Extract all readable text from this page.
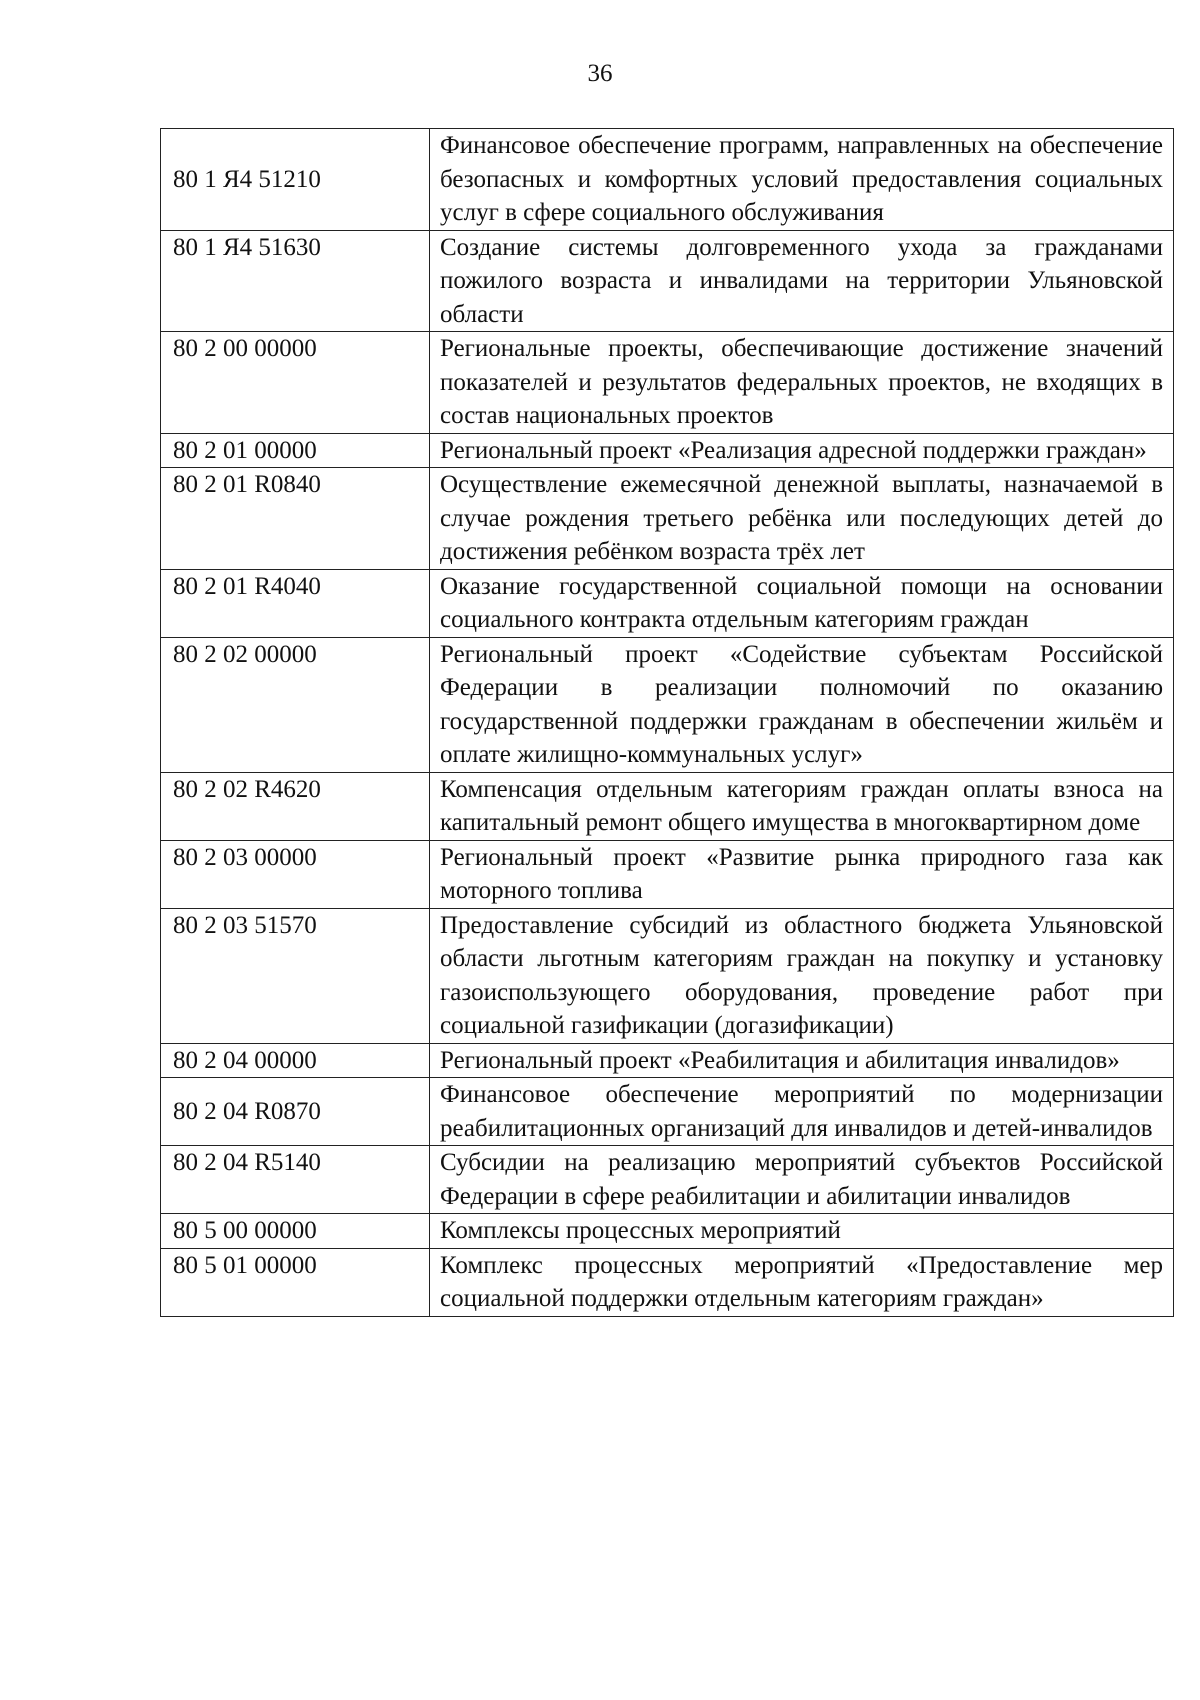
36
80 1 Я4 51210	Финансовое обеспечение программ, направленных на обеспечение безопасных и комфортных условий предоставления социальных услуг в сфере социального обслуживания

80 1 Я4 51630	Создание системы долговременного ухода за гражданами пожилого возраста и инвалидами на территории Ульяновской области

80 2 00 00000	Региональные проекты, обеспечивающие достижение значений показателей и результатов федеральных проектов, не входящих в состав национальных проектов

80 2 01 00000	Региональный проект «Реализация адресной поддержки граждан»

80 2 01 R0840	Осуществление ежемесячной денежной выплаты, назначаемой в случае рождения третьего ребёнка или последующих детей до достижения ребёнком возраста трёх лет

80 2 01 R4040	Оказание государственной социальной помощи на основании социального контракта отдельным категориям граждан

80 2 02 00000	Региональный проект «Содействие субъектам Российской Федерации в реализации полномочий по оказанию государственной поддержки гражданам в обеспечении жильём и оплате жилищно-коммунальных услуг»

80 2 02 R4620	Компенсация отдельным категориям граждан оплаты взноса на капитальный ремонт общего имущества в многоквартирном доме

80 2 03 00000	Региональный проект «Развитие рынка природного газа как моторного топлива

80 2 03 51570	Предоставление субсидий из областного бюджета Ульяновской области льготным категориям граждан на покупку и установку газоиспользующего оборудования, проведение работ при социальной газификации (догазификации)

80 2 04 00000	Региональный проект «Реабилитация и абилитация инвалидов»

80 2 04 R0870	Финансовое обеспечение мероприятий по модернизации реабилитационных организаций для инвалидов и детей-инвалидов

80 2 04 R5140	Субсидии на реализацию мероприятий субъектов Российской Федерации в сфере реабилитации и абилитации инвалидов

80 5 00 00000	Комплексы процессных мероприятий

80 5 01 00000	Комплекс процессных мероприятий «Предоставление мер социальной поддержки отдельным категориям граждан»
